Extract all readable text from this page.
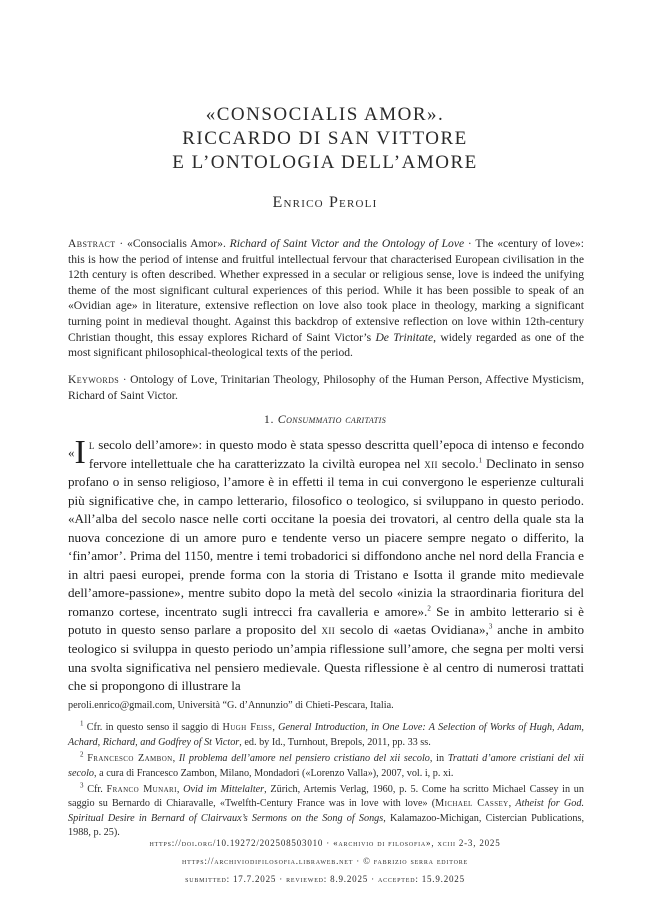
«CONSOCIALIS AMOR».
RICCARDO DI SAN VITTORE
E L’ONTOLOGIA DELL’AMORE
Enrico Peroli
Abstract · «Consocialis Amor». Richard of Saint Victor and the Ontology of Love · The «century of love»: this is how the period of intense and fruitful intellectual fervour that characterised European civilisation in the 12th century is often described. Whether expressed in a secular or religious sense, love is indeed the unifying theme of the most significant cultural experiences of this period. While it has been possible to speak of an «Ovidian age» in literature, extensive reflection on love also took place in theology, marking a significant turning point in medieval thought. Against this backdrop of extensive reflection on love within 12th-century Christian thought, this essay explores Richard of Saint Victor’s De Trinitate, widely regarded as one of the most significant philosophical-theological texts of the period.
Keywords · Ontology of Love, Trinitarian Theology, Philosophy of the Human Person, Affective Mysticism, Richard of Saint Victor.
1. Consummatio caritatis
«I l secolo dell’amore»: in questo modo è stata spesso descritta quell’epoca di intenso e fecondo fervore intellettuale che ha caratterizzato la civiltà europea nel xii secolo.$^1$ Declinato in senso profano o in senso religioso, l’amore è in effetti il tema in cui convergono le esperienze culturali più significative che, in campo letterario, filosofico o teologico, si sviluppano in questo periodo. «All’alba del secolo nasce nelle corti occitane la poesia dei trovatori, al centro della quale sta la nuova concezione di un amore puro e tendente verso un piacere sempre negato o differito, la ‘fin’amor’. Prima del 1150, mentre i temi trobadorici si diffondono anche nel nord della Francia e in altri paesi europei, prende forma con la storia di Tristano e Isotta il grande mito medievale dell’amore-passione», mentre subito dopo la metà del secolo «inizia la straordinaria fioritura del romanzo cortese, incentrato sugli intrecci fra cavalleria e amore».$^2$ Se in ambito letterario si è potuto in questo senso parlare a proposito del xii secolo di «aetas Ovidiana»,$^3$ anche in ambito teologico si sviluppa in questo periodo un’ampia riflessione sull’amore, che segna per molti versi una svolta significativa nel pensiero medievale. Questa riflessione è al centro di numerosi trattati che si propongono di illustrare la

peroli.enrico@gmail.com, Università “G. d’Annunzio” di Chieti-Pescara, Italia.

$^1$ Cfr. in questo senso il saggio di Hugh Feiss, General Introduction, in One Love: A Selection of Works of Hugh, Adam, Achard, Richard, and Godfrey of St Victor, ed. by Id., Turnhout, Brepols, 2011, pp. 33 ss.

$^2$ Francesco Zambon, Il problema dell’amore nel pensiero cristiano del xii secolo, in Trattati d’amore cristiani del xii secolo, a cura di Francesco Zambon, Milano, Mondadori («Lorenzo Valla»), 2007, vol. i, p. xi.

$^3$ Cfr. Franco Munari, Ovid im Mittelalter, Zürich, Artemis Verlag, 1960, p. 5. Come ha scritto Michael Cassey in un saggio su Bernardo di Chiaravalle, «Twelfth-Century France was in love with love» (Michael Cassey, Atheist for God. Spiritual Desire in Bernard of Clairvaux’s Sermons on the Song of Songs, Kalamazoo-Michigan, Cistercian Publications, 1988, p. 25).

https://doi.org/10.19272/202508503010 · «archivio di filosofia», xciii 2-3, 2025
https://archiviodifilosofia.libraweb.net · © fabrizio serra editore
submitted: 17.7.2025 · reviewed: 8.9.2025 · accepted: 15.9.2025
